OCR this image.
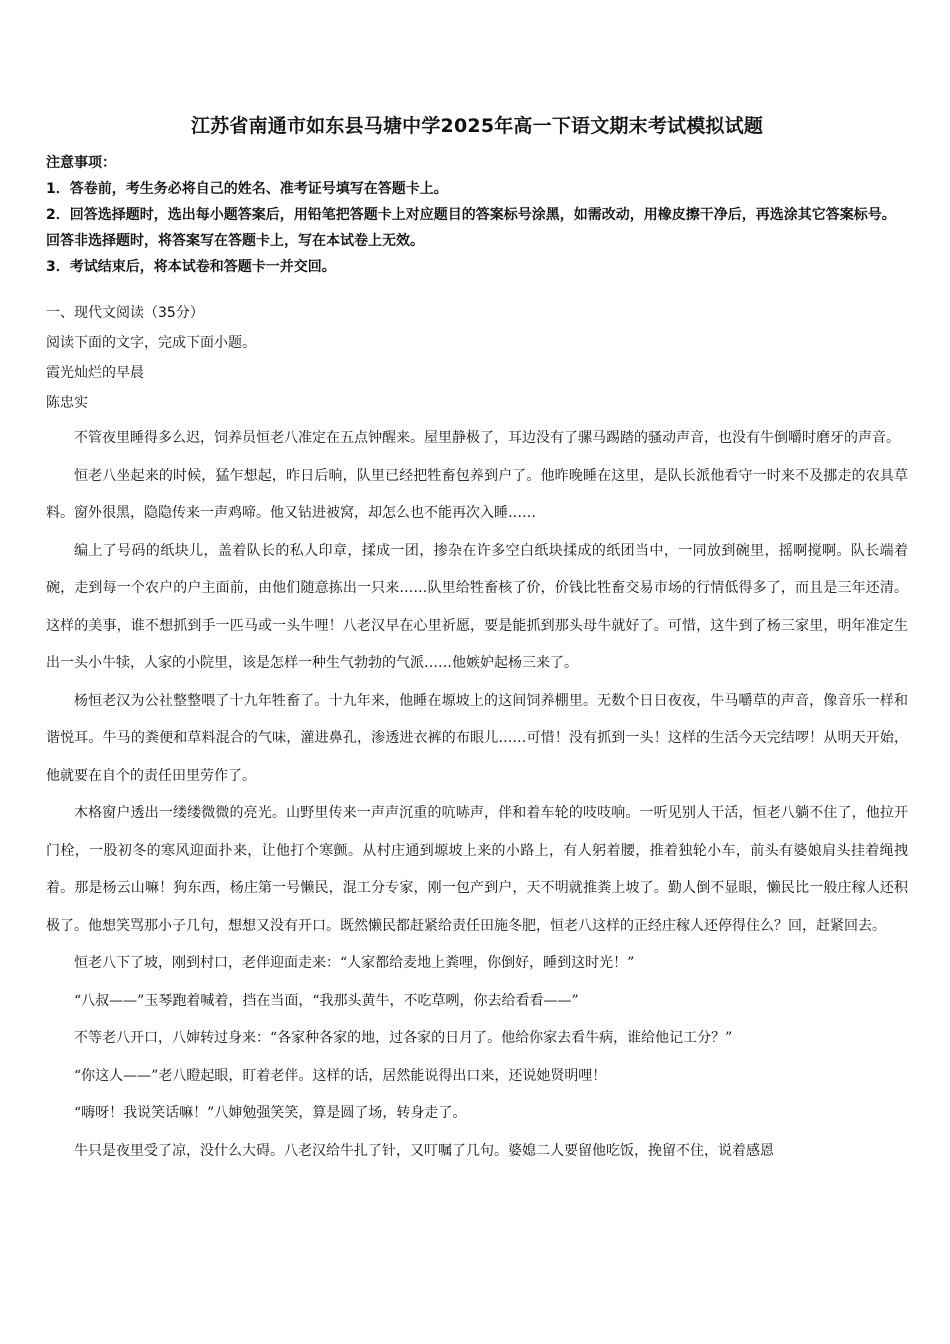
江苏省南通市如东县马塘中学2025年高一下语文期末考试模拟试题

注意事项：

1．答卷前，考生务必将自己的姓名、准考证号填写在答题卡上。

2．回答选择题时，选出每小题答案后，用铅笔把答题卡上对应题目的答案标号涂黑，如需改动，用橡皮擦干净后，再选涂其它答案标号。回答非选择题时，将答案写在答题卡上，写在本试卷上无效。

3．考试结束后，将本试卷和答题卡一并交回。

一、现代文阅读（35分）

阅读下面的文字，完成下面小题。

霞光灿烂的早晨

陈忠实

不管夜里睡得多么迟，饲养员恒老八准定在五点钟醒来。屋里静极了，耳边没有了骡马踢踏的骚动声音，也没有牛倒嚼时磨牙的声音。

恒老八坐起来的时候，猛乍想起，昨日后晌，队里已经把牲畜包养到户了。他昨晚睡在这里，是队长派他看守一时来不及挪走的农具草料。窗外很黑，隐隐传来一声鸡啼。他又钻进被窝，却怎么也不能再次入睡……

编上了号码的纸块儿，盖着队长的私人印章，揉成一团，掺杂在许多空白纸块揉成的纸团当中，一同放到碗里，摇啊搅啊。队长端着碗，走到每一个农户的户主面前，由他们随意拣出一只来……队里给牲畜核了价，价钱比牲畜交易市场的行情低得多了，而且是三年还清。这样的美事，谁不想抓到手一匹马或一头牛哩！八老汉早在心里祈愿，要是能抓到那头母牛就好了。可惜，这牛到了杨三家里，明年准定生出一头小牛犊，人家的小院里，该是怎样一种生气勃勃的气派……他嫉妒起杨三来了。

杨恒老汉为公社整整喂了十九年牲畜了。十九年来，他睡在塬坡上的这间饲养棚里。无数个日日夜夜，牛马嚼草的声音，像音乐一样和谐悦耳。牛马的粪便和草料混合的气味，灌进鼻孔，渗透进衣裤的布眼儿……可惜！没有抓到一头！这样的生活今天完结啰！从明天开始，他就要在自个的责任田里劳作了。

木格窗户透出一缕缕微微的亮光。山野里传来一声声沉重的吭哧声，伴和着车轮的吱吱响。一听见别人干活，恒老八躺不住了，他拉开门栓，一股初冬的寒风迎面扑来，让他打个寒颤。从村庄通到塬坡上来的小路上，有人躬着腰，推着独轮小车，前头有婆娘肩头挂着绳拽着。那是杨云山嘛！狗东西，杨庄第一号懒民，混工分专家，刚一包产到户，天不明就推粪上坡了。勤人倒不显眼，懒民比一般庄稼人还积极了。他想笑骂那小子几句，想想又没有开口。既然懒民都赶紧给责任田施冬肥，恒老八这样的正经庄稼人还停得住么？回，赶紧回去。

恒老八下了坡，刚到村口，老伴迎面走来：“人家都给麦地上粪哩，你倒好，睡到这时光！”

“八叔——”玉琴跑着喊着，挡在当面，“我那头黄牛，不吃草咧，你去给看看——”

不等老八开口，八婶转过身来：“各家种各家的地，过各家的日月了。他给你家去看牛病，谁给他记工分？”

“你这人——”老八瞪起眼，盯着老伴。这样的话，居然能说得出口来，还说她贤明哩！

“嗨呀！我说笑话嘛！”八婶勉强笑笑，算是圆了场，转身走了。

牛只是夜里受了凉，没什么大碍。八老汉给牛扎了针，又叮嘱了几句。婆媳二人要留他吃饭，挽留不住，说着感恩
